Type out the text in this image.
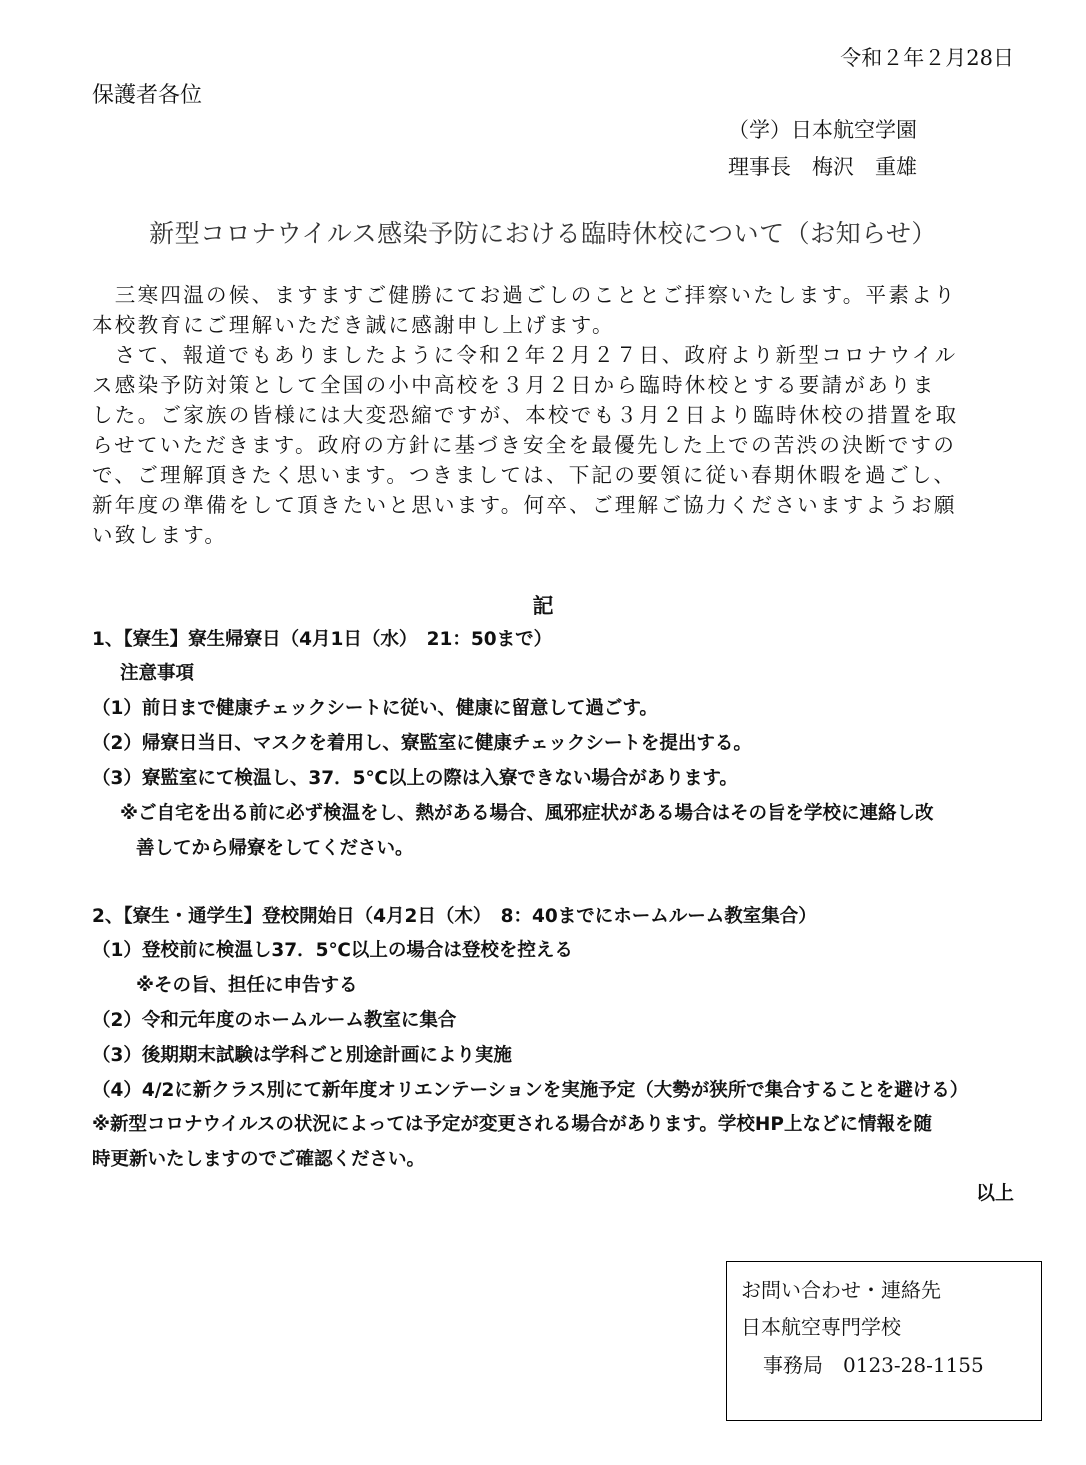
令和２年２月28日
保護者各位
（学）日本航空学園
理事長　梅沢　重雄
新型コロナウイルス感染予防における臨時休校について（お知らせ）
　三寒四温の候、ますますご健勝にてお過ごしのこととご拝察いたします。平素より
本校教育にご理解いただき誠に感謝申し上げます。
　さて、報道でもありましたように令和２年２月２７日、政府より新型コロナウイル
ス感染予防対策として全国の小中高校を３月２日から臨時休校とする要請がありま
した。ご家族の皆様には大変恐縮ですが、本校でも３月２日より臨時休校の措置を取
らせていただきます。政府の方針に基づき安全を最優先した上での苦渋の決断ですの
で、ご理解頂きたく思います。つきましては、下記の要領に従い春期休暇を過ごし、
新年度の準備をして頂きたいと思います。何卒、ご理解ご協力くださいますようお願
い致します。
記
1、【寮生】寮生帰寮日（4月1日（水）　21：50まで）
注意事項
（1）前日まで健康チェックシートに従い、健康に留意して過ごす。
（2）帰寮日当日、マスクを着用し、寮監室に健康チェックシートを提出する。
（3）寮監室にて検温し、37．5℃以上の際は入寮できない場合があります。
※ご自宅を出る前に必ず検温をし、熱がある場合、風邪症状がある場合はその旨を学校に連絡し改
善してから帰寮をしてください。
2、【寮生・通学生】登校開始日（4月2日（木）　8：40までにホームルーム教室集合）
（1）登校前に検温し37．5℃以上の場合は登校を控える
※その旨、担任に申告する
（2）令和元年度のホームルーム教室に集合
（3）後期期末試験は学科ごと別途計画により実施
（4）4/2に新クラス別にて新年度オリエンテーションを実施予定（大勢が狭所で集合することを避ける）
※新型コロナウイルスの状況によっては予定が変更される場合があります。学校HP上などに情報を随
時更新いたしますのでご確認ください。
以上
お問い合わせ・連絡先
日本航空専門学校
事務局　0123-28-1155
